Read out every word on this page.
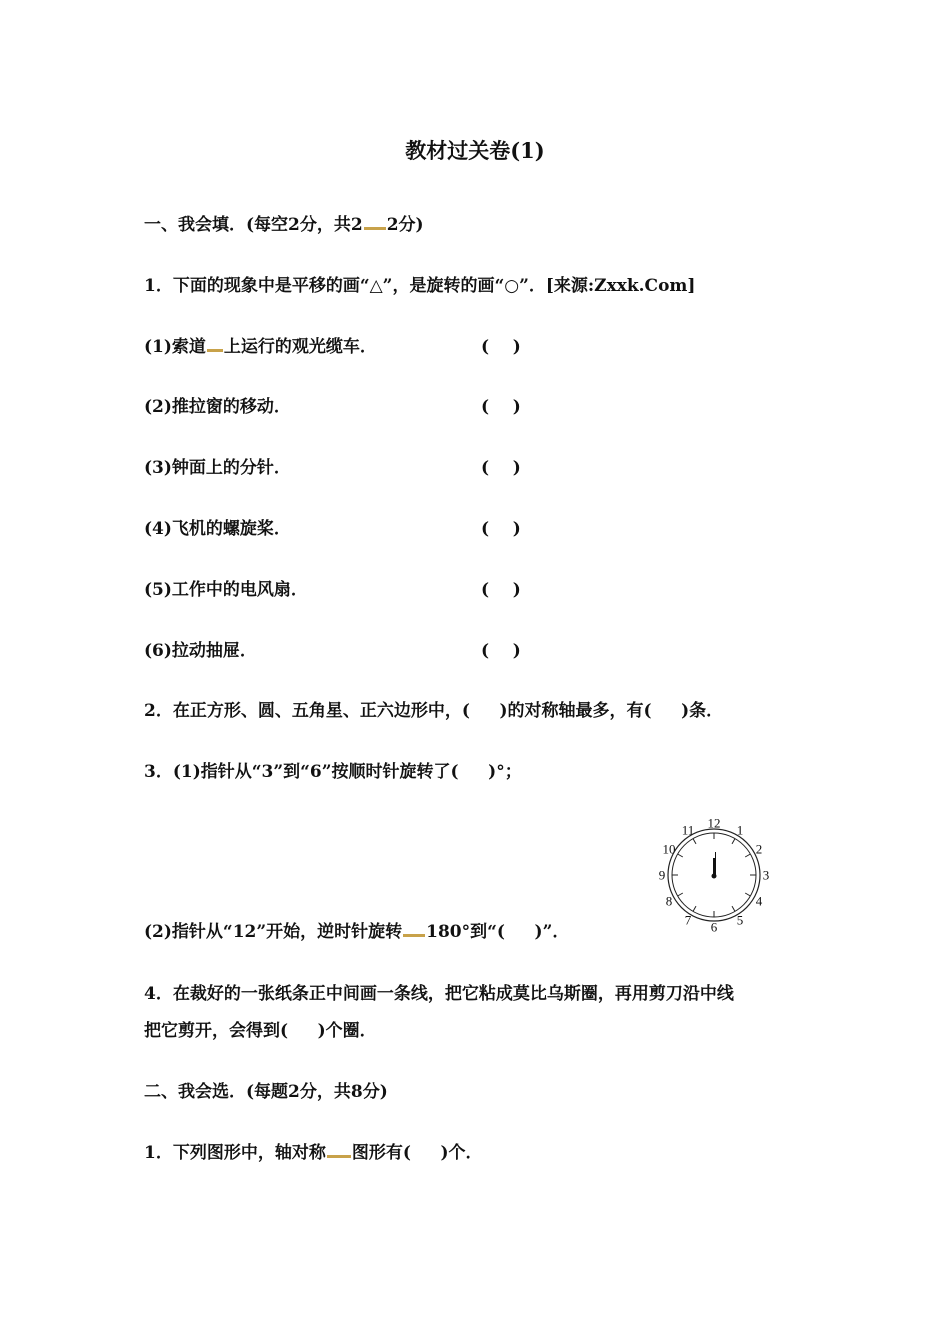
教材过关卷(1)
一、我会填．(每空2分，共2 2分)
1．下面的现象中是平移的画“△”，是旋转的画“○”．[来源:Zxxk.Com]
(1)索道 上运行的观光缆车．	(    )
(2)推拉窗的移动．	(    )
(3)钟面上的分针．	(    )
(4)飞机的螺旋桨．	(    )
(5)工作中的电风扇．	(    )
(6)拉动抽屉．	(    )
2．在正方形、圆、五角星、正六边形中，(     )的对称轴最多，有(     )条．
3．(1)指针从“3”到“6”按顺时针旋转了(     )°；
12 1
2
3
4
5
6
7
8
9
10
11
(2)指针从“12”开始，逆时针旋转 180°到“(     )”．
4．在裁好的一张纸条正中间画一条线，把它粘成莫比乌斯圈，再用剪刀沿中线
把它剪开，会得到(     )个圈．
二、我会选．(每题2分，共8分)
1．下列图形中，轴对称 图形有(     )个．
